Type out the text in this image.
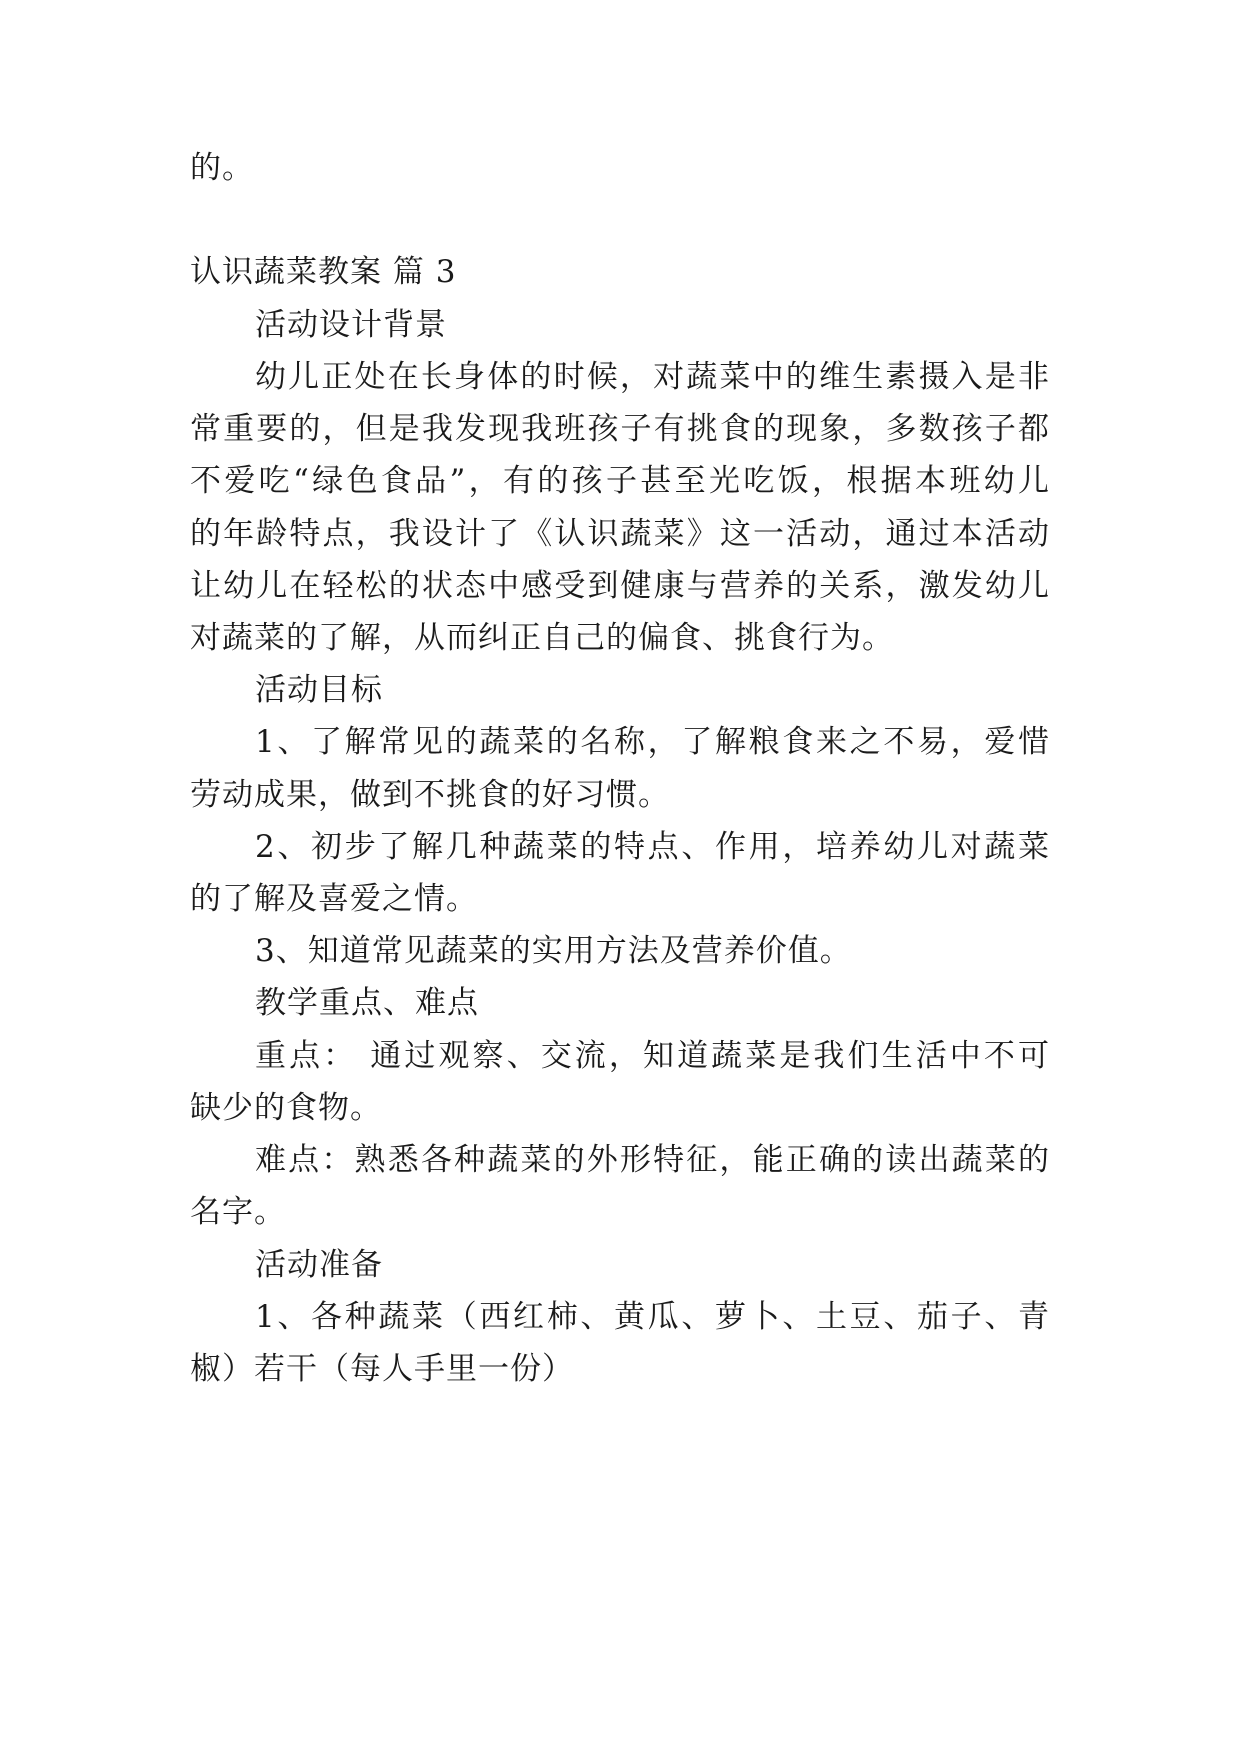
的。
认识蔬菜教案 篇 3
活动设计背景
幼儿正处在长身体的时候，对蔬菜中的维生素摄入是非
常重要的，但是我发现我班孩子有挑食的现象，多数孩子都
不爱吃“绿色食品”，有的孩子甚至光吃饭，根据本班幼儿
的年龄特点，我设计了《认识蔬菜》这一活动，通过本活动
让幼儿在轻松的状态中感受到健康与营养的关系，激发幼儿
对蔬菜的了解，从而纠正自己的偏食、挑食行为。
活动目标
1、了解常见的蔬菜的名称，了解粮食来之不易，爱惜
劳动成果，做到不挑食的好习惯。
2、初步了解几种蔬菜的特点、作用，培养幼儿对蔬菜
的了解及喜爱之情。
3、知道常见蔬菜的实用方法及营养价值。
教学重点、难点
重点： 通过观察、交流，知道蔬菜是我们生活中不可
缺少的食物。
难点：熟悉各种蔬菜的外形特征，能正确的读出蔬菜的
名字。
活动准备
1、各种蔬菜（西红柿、黄瓜、萝卜、土豆、茄子、青
椒）若干（每人手里一份）
